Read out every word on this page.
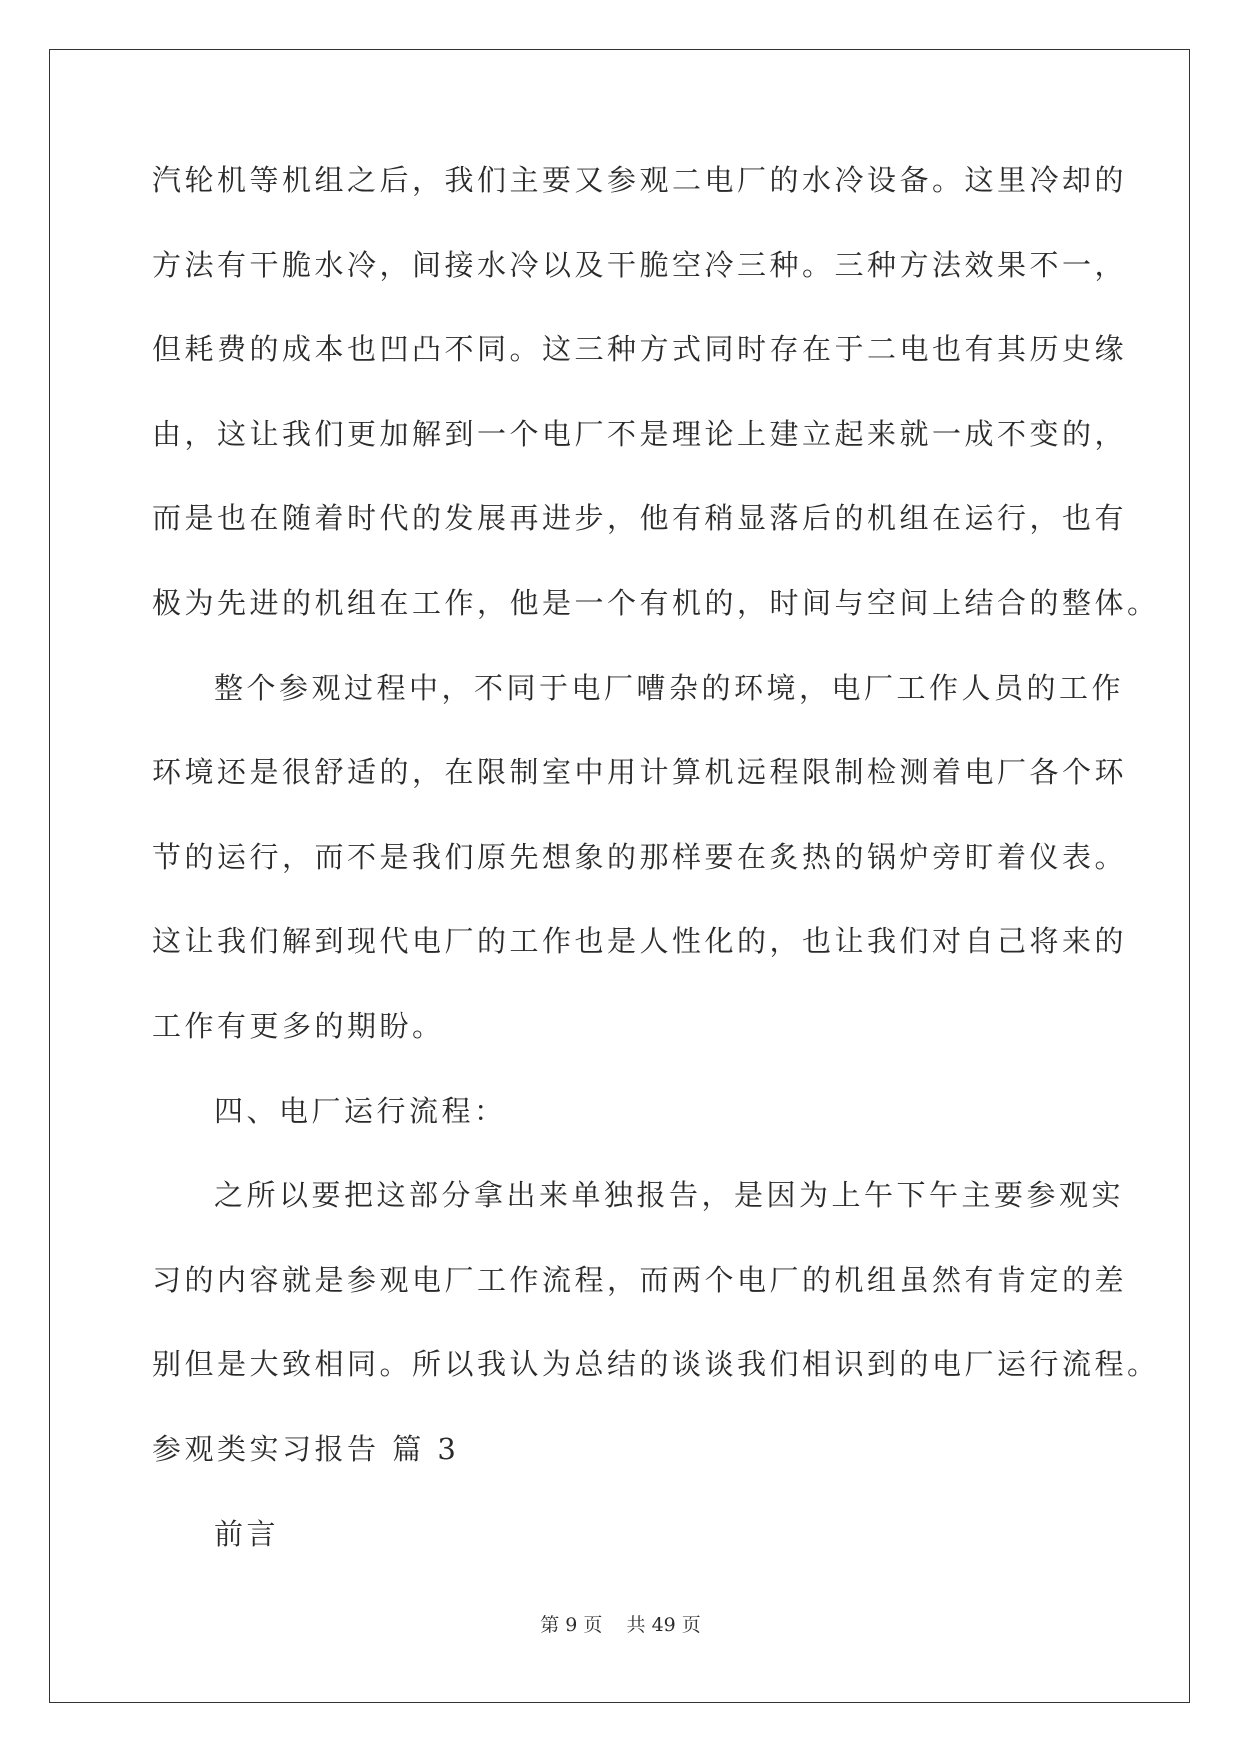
汽轮机等机组之后，我们主要又参观二电厂的水冷设备。这里冷却的
方法有干脆水冷，间接水冷以及干脆空冷三种。三种方法效果不一，
但耗费的成本也凹凸不同。这三种方式同时存在于二电也有其历史缘
由，这让我们更加解到一个电厂不是理论上建立起来就一成不变的，
而是也在随着时代的发展再进步，他有稍显落后的机组在运行，也有
极为先进的机组在工作，他是一个有机的，时间与空间上结合的整体。
整个参观过程中，不同于电厂嘈杂的环境，电厂工作人员的工作
环境还是很舒适的，在限制室中用计算机远程限制检测着电厂各个环
节的运行，而不是我们原先想象的那样要在炙热的锅炉旁盯着仪表。
这让我们解到现代电厂的工作也是人性化的，也让我们对自己将来的
工作有更多的期盼。
四、电厂运行流程：
之所以要把这部分拿出来单独报告，是因为上午下午主要参观实
习的内容就是参观电厂工作流程，而两个电厂的机组虽然有肯定的差
别但是大致相同。所以我认为总结的谈谈我们相识到的电厂运行流程。
参观类实习报告 篇 3
前言
第 9 页    共 49 页
